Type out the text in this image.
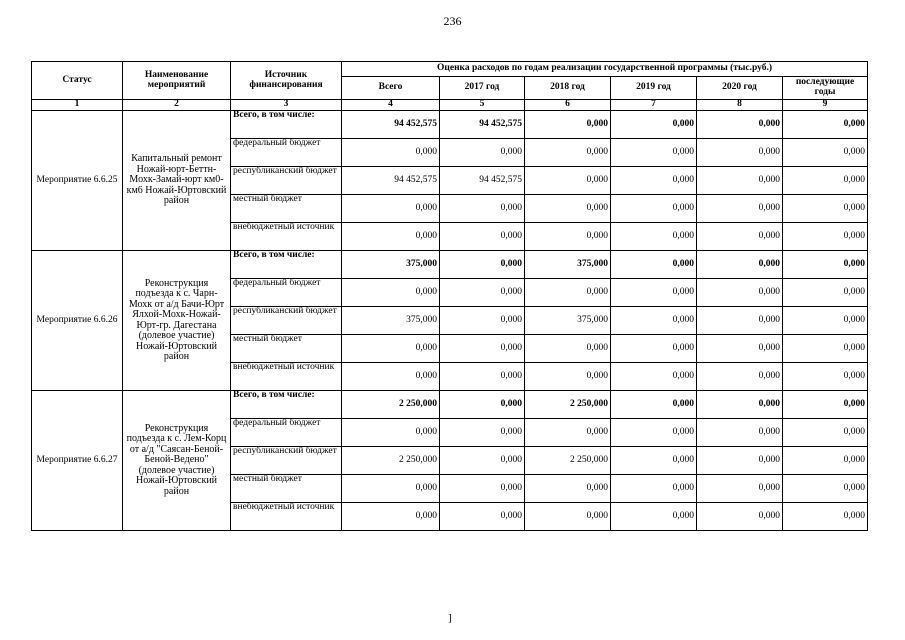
236
Статус	Наименование мероприятий	Источник финансирования	Оценка расходов по годам реализации государственной программы (тыс.руб.)					
			Всего	2017 год	2018 год	2019 год	2020 год	последующие годы
1	2	3	4	5	6	7	8	9
Мероприятие 6.6.25	Капитальный ремонт Ножай-юрт-Беттн-Мохк-Замай-юрт км0-км6 Ножай-Юртовский район	Всего, в том числе:	94 452,575	94 452,575	0,000	0,000	0,000	0,000
		федеральный бюджет	0,000	0,000	0,000	0,000	0,000	0,000
		республиканский бюджет	94 452,575	94 452,575	0,000	0,000	0,000	0,000
		местный бюджет	0,000	0,000	0,000	0,000	0,000	0,000
		внебюджетный источник	0,000	0,000	0,000	0,000	0,000	0,000
Мероприятие 6.6.26	Реконструкция подъезда к с. Чарн-Мохк от а/д Бачи-Юрт Ялхой-Мохк-Ножай-Юрт-гр. Дагестана (долевое участие) Ножай-Юртовский район	Всего, в том числе:	375,000	0,000	375,000	0,000	0,000	0,000
		федеральный бюджет	0,000	0,000	0,000	0,000	0,000	0,000
		республиканский бюджет	375,000	0,000	375,000	0,000	0,000	0,000
		местный бюджет	0,000	0,000	0,000	0,000	0,000	0,000
		внебюджетный источник	0,000	0,000	0,000	0,000	0,000	0,000
Мероприятие 6.6.27	Реконструкция подъезда к с. Лем-Корц от а/д "Саясан-Беной-Беной-Ведено" (долевое участие) Ножай-Юртовский район	Всего, в том числе:	2 250,000	0,000	2 250,000	0,000	0,000	0,000
		федеральный бюджет	0,000	0,000	0,000	0,000	0,000	0,000
		республиканский бюджет	2 250,000	0,000	2 250,000	0,000	0,000	0,000
		местный бюджет	0,000	0,000	0,000	0,000	0,000	0,000
		внебюджетный источник	0,000	0,000	0,000	0,000	0,000	0,000
]
